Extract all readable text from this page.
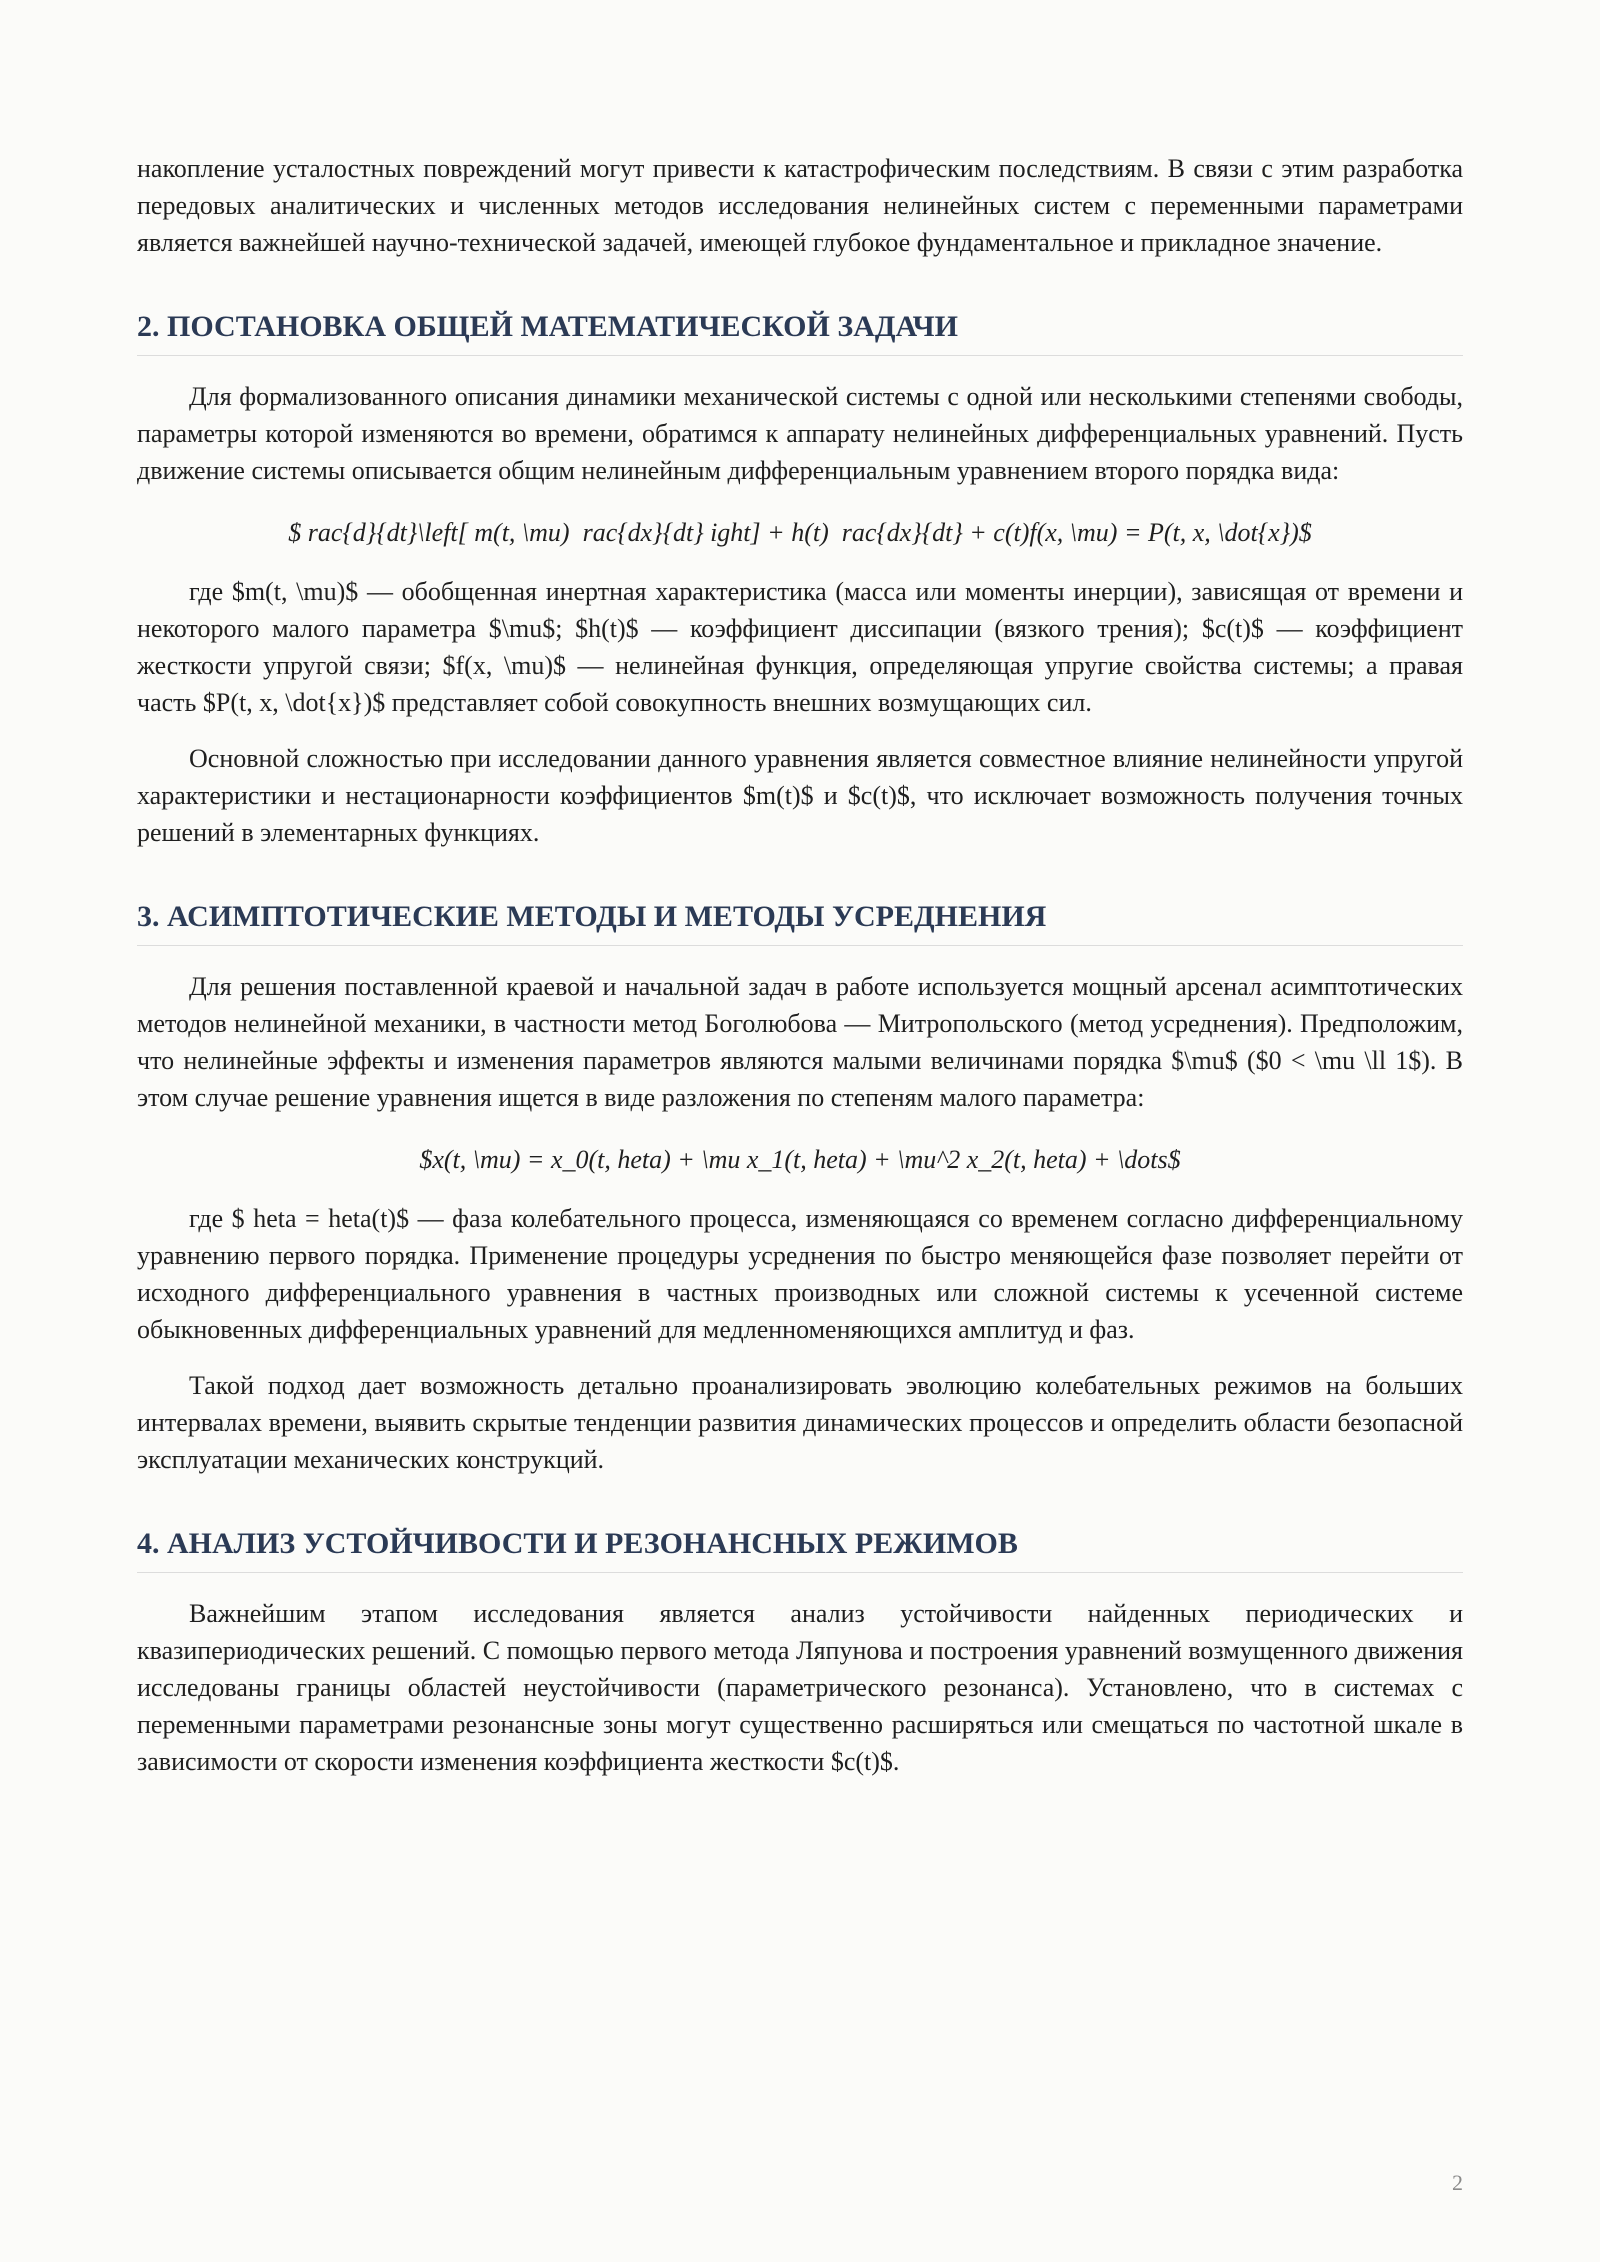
накопление усталостных повреждений могут привести к катастрофическим последствиям. В связи с этим разработка передовых аналитических и численных методов исследования нелинейных систем с переменными параметрами является важнейшей научно-технической задачей, имеющей глубокое фундаментальное и прикладное значение.

2. ПОСТАНОВКА ОБЩЕЙ МАТЕМАТИЧЕСКОЙ ЗАДАЧИ

Для формализованного описания динамики механической системы с одной или несколькими степенями свободы, параметры которой изменяются во времени, обратимся к аппарату нелинейных дифференциальных уравнений. Пусть движение системы описывается общим нелинейным дифференциальным уравнением второго порядка вида:

$ rac{d}{dt}\left[ m(t, \mu)  rac{dx}{dt} ight] + h(t)  rac{dx}{dt} + c(t)f(x, \mu) = P(t, x, \dot{x})$

где $m(t, \mu)$ — обобщенная инертная характеристика (масса или моменты инерции), зависящая от времени и некоторого малого параметра $\mu$; $h(t)$ — коэффициент диссипации (вязкого трения); $c(t)$ — коэффициент жесткости упругой связи; $f(x, \mu)$ — нелинейная функция, определяющая упругие свойства системы; а правая часть $P(t, x, \dot{x})$ представляет собой совокупность внешних возмущающих сил.

Основной сложностью при исследовании данного уравнения является совместное влияние нелинейности упругой характеристики и нестационарности коэффициентов $m(t)$ и $c(t)$, что исключает возможность получения точных решений в элементарных функциях.

3. АСИМПТОТИЧЕСКИЕ МЕТОДЫ И МЕТОДЫ УСРЕДНЕНИЯ

Для решения поставленной краевой и начальной задач в работе используется мощный арсенал асимптотических методов нелинейной механики, в частности метод Боголюбова — Митропольского (метод усреднения). Предположим, что нелинейные эффекты и изменения параметров являются малыми величинами порядка $\mu$ ($0 < \mu \ll 1$). В этом случае решение уравнения ищется в виде разложения по степеням малого параметра:

$x(t, \mu) = x_0(t, heta) + \mu x_1(t, heta) + \mu^2 x_2(t, heta) + \dots$

где $ heta = heta(t)$ — фаза колебательного процесса, изменяющаяся со временем согласно дифференциальному уравнению первого порядка. Применение процедуры усреднения по быстро меняющейся фазе позволяет перейти от исходного дифференциального уравнения в частных производных или сложной системы к усеченной системе обыкновенных дифференциальных уравнений для медленноменяющихся амплитуд и фаз.

Такой подход дает возможность детально проанализировать эволюцию колебательных режимов на больших интервалах времени, выявить скрытые тенденции развития динамических процессов и определить области безопасной эксплуатации механических конструкций.

4. АНАЛИЗ УСТОЙЧИВОСТИ И РЕЗОНАНСНЫХ РЕЖИМОВ

Важнейшим этапом исследования является анализ устойчивости найденных периодических и квазипериодических решений. С помощью первого метода Ляпунова и построения уравнений возмущенного движения исследованы границы областей неустойчивости (параметрического резонанса). Установлено, что в системах с переменными параметрами резонансные зоны могут существенно расширяться или смещаться по частотной шкале в зависимости от скорости изменения коэффициента жесткости $c(t)$.

2
